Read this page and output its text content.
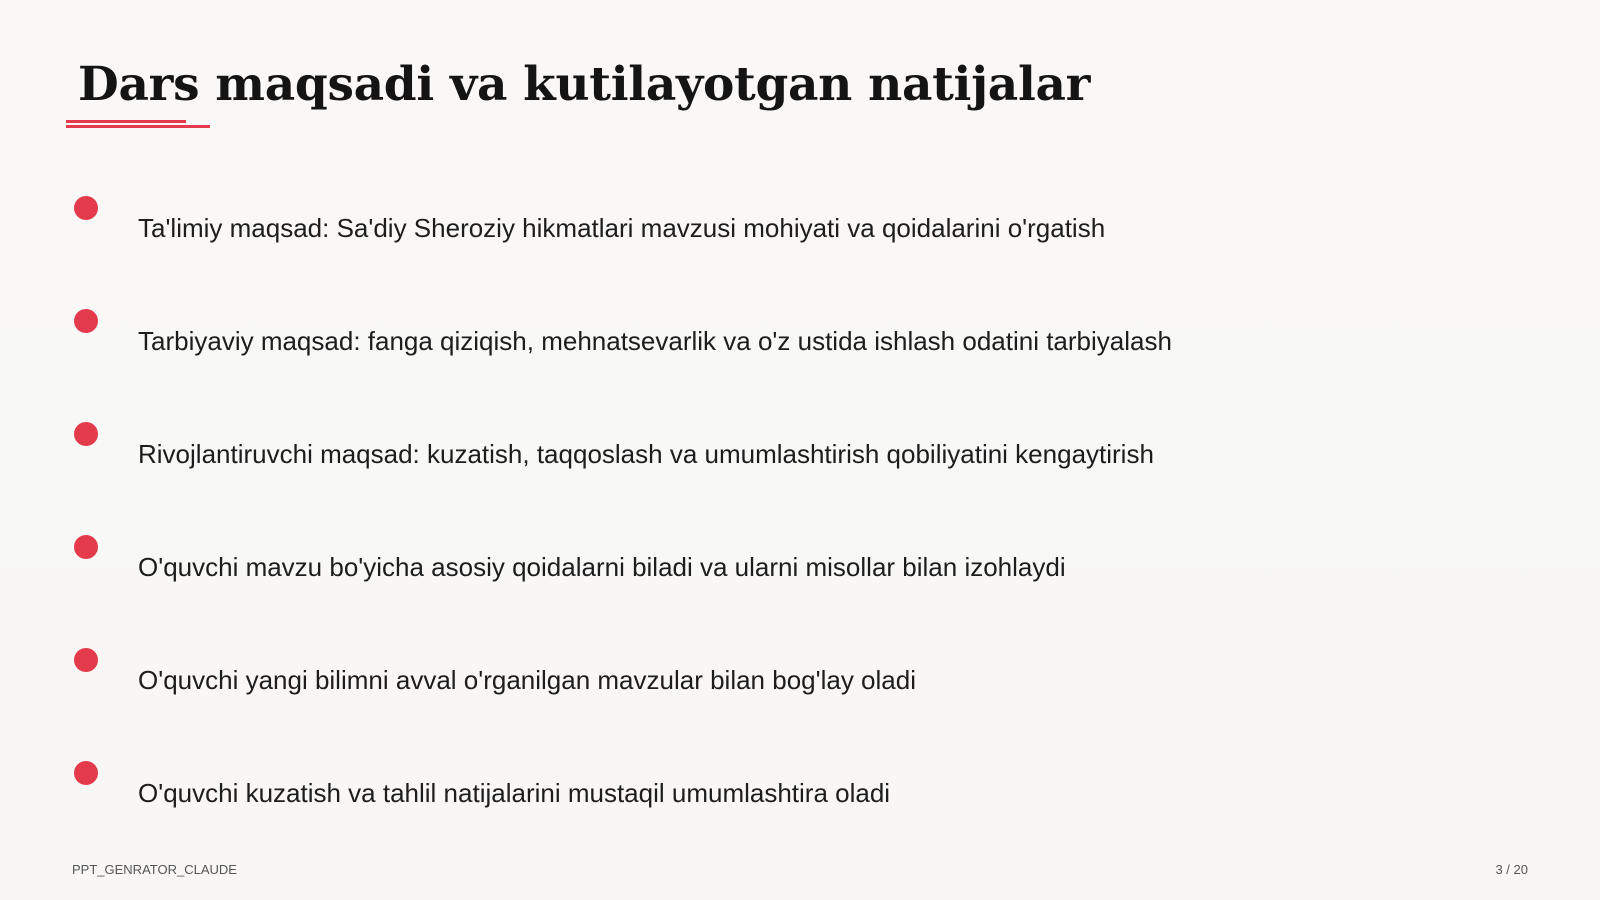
Dars maqsadi va kutilayotgan natijalar
Ta'limiy maqsad: Sa'diy Sheroziy hikmatlari mavzusi mohiyati va qoidalarini o'rgatish
Tarbiyaviy maqsad: fanga qiziqish, mehnatsevarlik va o'z ustida ishlash odatini tarbiyalash
Rivojlantiruvchi maqsad: kuzatish, taqqoslash va umumlashtirish qobiliyatini kengaytirish
O'quvchi mavzu bo'yicha asosiy qoidalarni biladi va ularni misollar bilan izohlaydi
O'quvchi yangi bilimni avval o'rganilgan mavzular bilan bog'lay oladi
O'quvchi kuzatish va tahlil natijalarini mustaqil umumlashtira oladi
PPT_GENRATOR_CLAUDE	3 / 20
